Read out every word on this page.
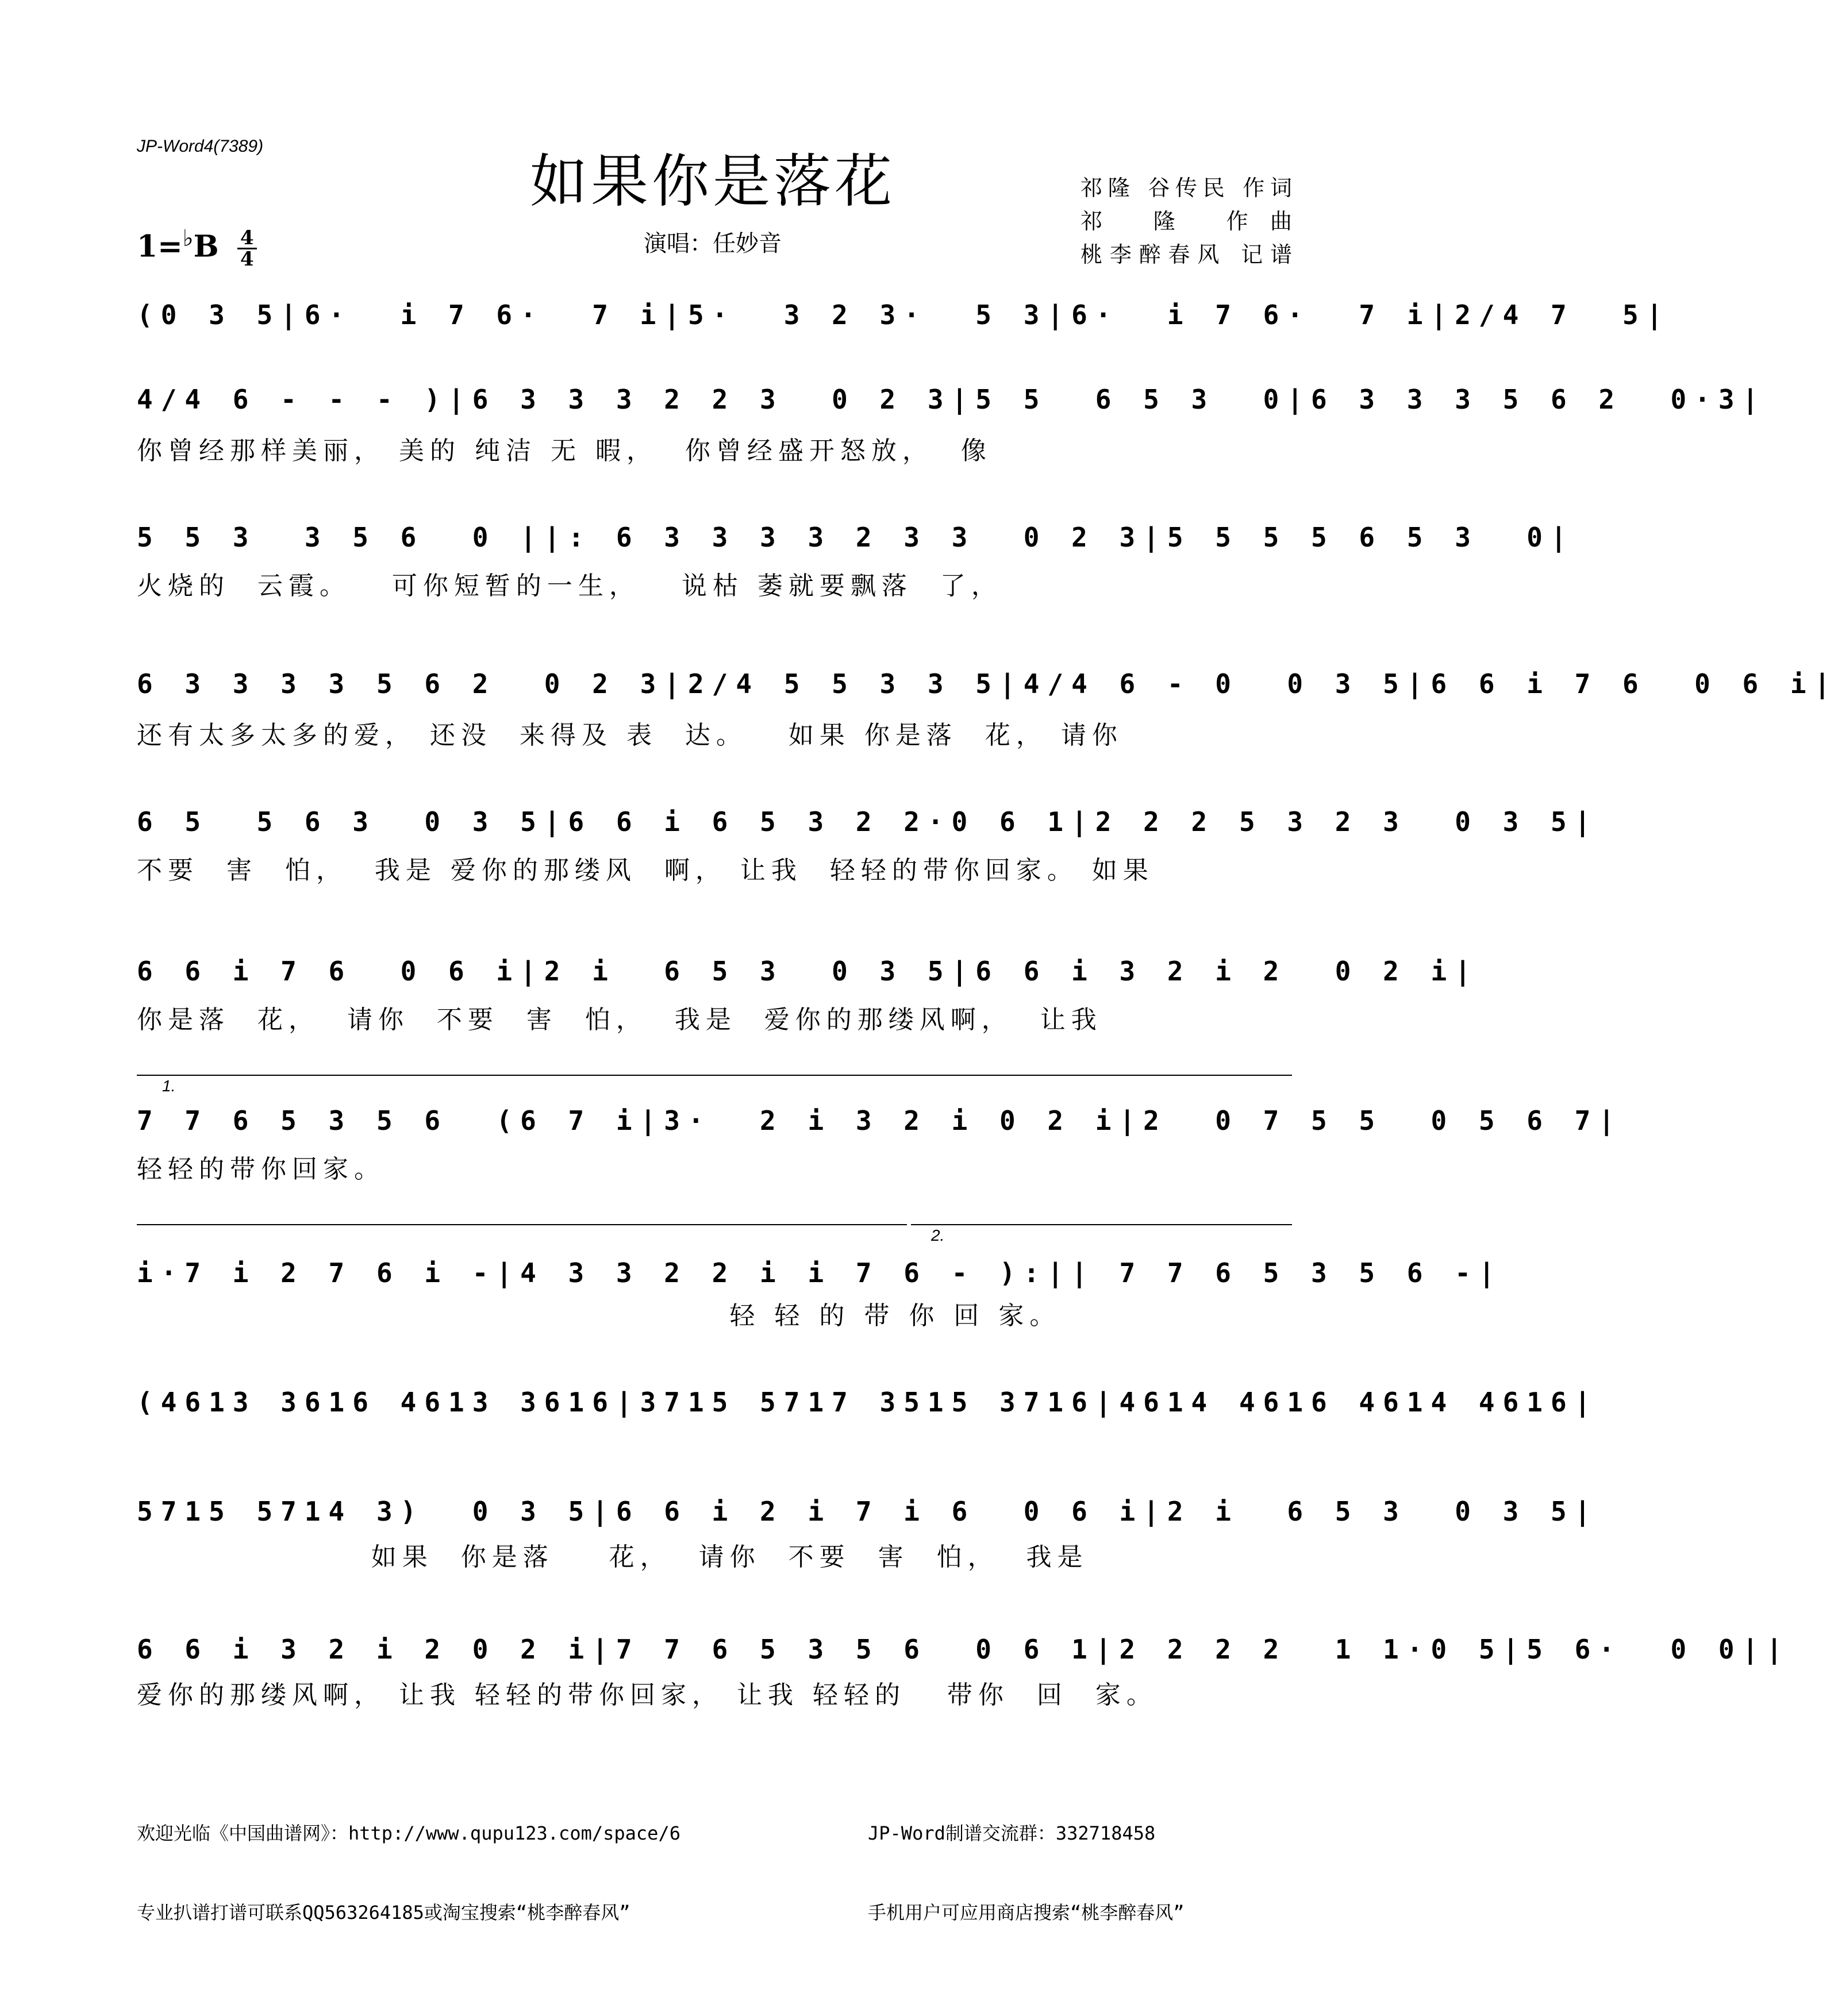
JP-Word4(7389)
如果你是落花	祁隆 谷传民 作词
祁 隆 作曲
桃李醉春风 记谱
$1=^♭B \frac{4}{4}$	演唱：任妙音
(0 3 5|6·  i 7 6·  7 i|5·  3 2 3·  5 3|6·  i 7 6·  7 i|2/4 7  5|
4/4 6 - - - )|6 3 3 3 2 2 3  0 2 3|5 5  6 5 3  0|6 3 3 3 5 6 2  0·3|
你曾经那样美丽， 美的 纯洁 无 暇，  你曾经盛开怒放，  像
5 5 3  3 5 6  0 ||: 6 3 3 3 3 2 3 3  0 2 3|5 5 5 5 6 5 3  0|
火烧的  云霞。   可你短暂的一生，   说枯 萎就要飘落  了，
6 3 3 3 3 5 6 2  0 2 3|2/4 5 5 3 3 5|4/4 6 - 0  0 3 5|6 6 i 7 6  0 6 i|
还有太多太多的爱， 还没  来得及 表  达。   如果 你是落  花， 请你
6 5  5 6 3  0 3 5|6 6 i 6 5 3 2 2·0 6 1|2 2 2 5 3 2 3  0 3 5|
不要  害  怕，  我是 爱你的那缕风  啊， 让我  轻轻的带你回家。 如果
6 6 i 7 6  0 6 i|2 i  6 5 3  0 3 5|6 6 i 3 2 i 2  0 2 i|
你是落  花，  请你  不要  害  怕，  我是  爱你的那缕风啊，  让我
1.
7 7 6 5 3 5 6  (6 7 i|3·  2 i 3 2 i 0 2 i|2  0 7 5 5  0 5 6 7|
轻轻的带你回家。
2.
i·7 i 2 7 6 i -|4 3 3 2 2 i i 7 6 - ):|| 7 7 6 5 3 5 6 -|
轻 轻 的 带 你 回 家。
(4613 3616 4613 3616|3715 5717 3515 3716|4614 4616 4614 4616|
5715 5714 3)  0 3 5|6 6 i 2 i 7 i 6  0 6 i|2 i  6 5 3  0 3 5|
如果  你是落    花，  请你  不要  害  怕，  我是
6 6 i 3 2 i 2 0 2 i|7 7 6 5 3 5 6  0 6 1|2 2 2 2  1 1·0 5|5 6·  0 0||
爱你的那缕风啊， 让我 轻轻的带你回家， 让我 轻轻的   带你  回  家。

欢迎光临《中国曲谱网》：http://www.qupu123.com/space/6

专业扒谱打谱可联系QQ563264185或淘宝搜索“桃李醉春风”

JP-Word制谱交流群：332718458

手机用户可应用商店搜索“桃李醉春风”
